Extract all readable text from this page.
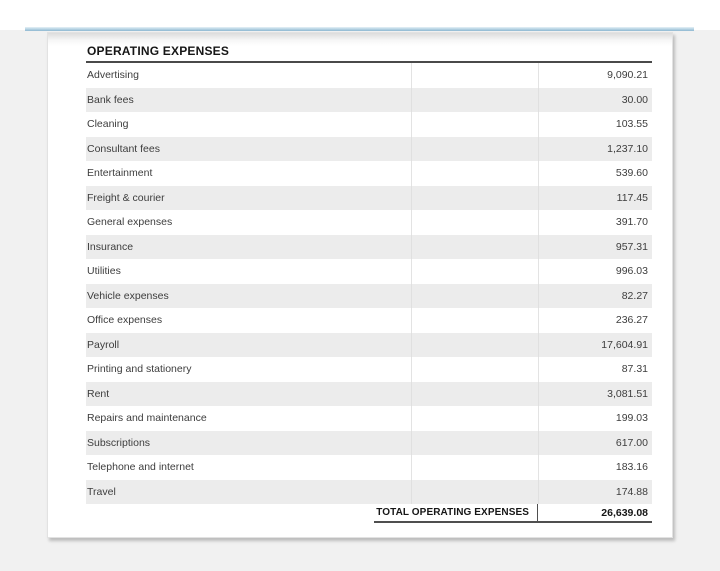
OPERATING EXPENSES
Advertising	9,090.21
Bank fees	30.00
Cleaning	103.55
Consultant fees	1,237.10
Entertainment	539.60
Freight & courier	117.45
General expenses	391.70
Insurance	957.31
Utilities	996.03
Vehicle expenses	82.27
Office expenses	236.27
Payroll	17,604.91
Printing and stationery	87.31
Rent	3,081.51
Repairs and maintenance	199.03
Subscriptions	617.00
Telephone and internet	183.16
Travel	174.88
TOTAL OPERATING EXPENSES	26,639.08
